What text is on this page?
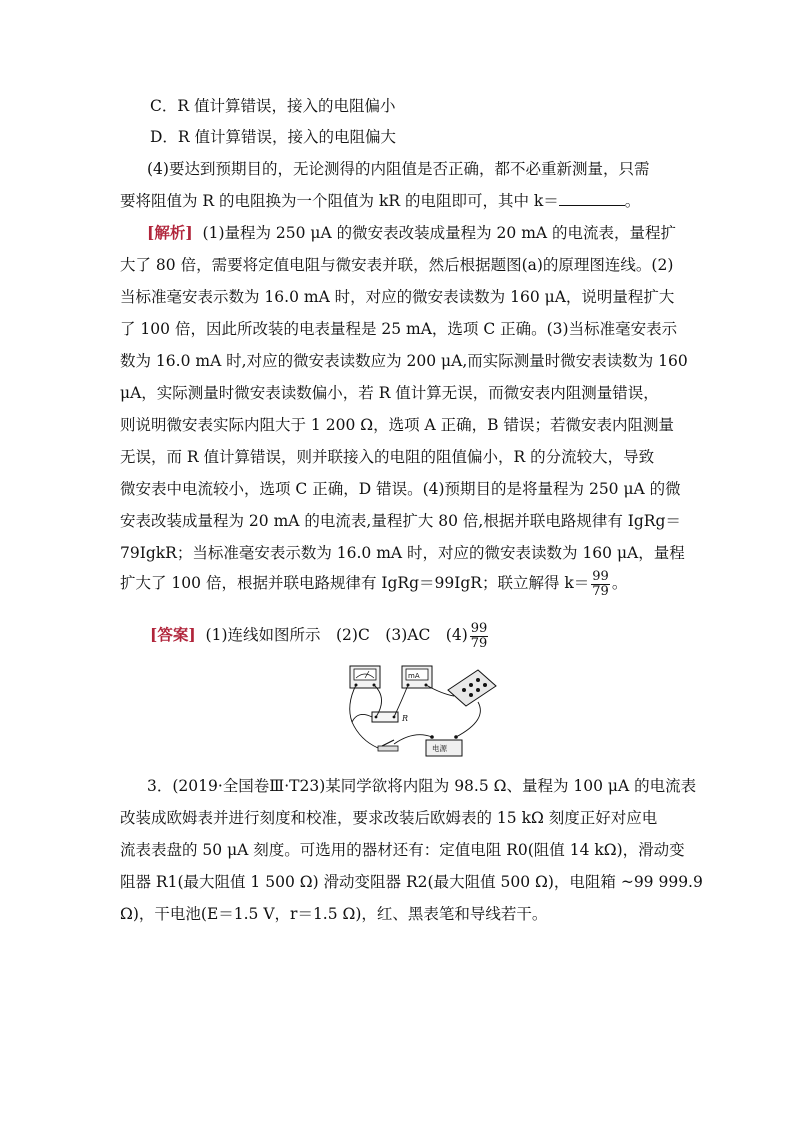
C．R 值计算错误，接入的电阻偏小
D．R 值计算错误，接入的电阻偏大
(4)要达到预期目的，无论测得的内阻值是否正确，都不必重新测量，只需
要将阻值为 R 的电阻换为一个阻值为 kR 的电阻即可，其中 k＝	。
[解析] (1)量程为 250 μA 的微安表改装成量程为 20 mA 的电流表，量程扩
大了 80 倍，需要将定值电阻与微安表并联，然后根据题图(a)的原理图连线。(2)
当标准毫安表示数为 16.0 mA 时，对应的微安表读数为 160 μA，说明量程扩大
了 100 倍，因此所改装的电表量程是 25 mA，选项 C 正确。(3)当标准毫安表示
数为 16.0 mA 时,对应的微安表读数应为 200 μA,而实际测量时微安表读数为 160
μA，实际测量时微安表读数偏小，若 R 值计算无误，而微安表内阻测量错误，
则说明微安表实际内阻大于 1 200 Ω，选项 A 正确，B 错误；若微安表内阻测量
无误，而 R 值计算错误，则并联接入的电阻的阻值偏小，R 的分流较大，导致
微安表中电流较小，选项 C 正确，D 错误。(4)预期目的是将量程为 250 μA 的微
安表改装成量程为 20 mA 的电流表,量程扩大 80 倍,根据并联电路规律有 IgRg＝
79IgkR；当标准毫安表示数为 16.0 mA 时，对应的微安表读数为 160 μA，量程
扩大了 100 倍，根据并联电路规律有 IgRg＝99IgR；联立解得 $k= \frac{99}{79}$ 。
[答案] (1)连线如图所示　(2)C　(3)AC　$(4) \frac{99}{79}$
mA
R
电源
3．(2019·全国卷Ⅲ·T23)某同学欲将内阻为 98.5 Ω、量程为 100 μA 的电流表
改装成欧姆表并进行刻度和校准，要求改装后欧姆表的 15 kΩ 刻度正好对应电
流表表盘的 50 μA 刻度。可选用的器材还有：定值电阻 R0(阻值 14 kΩ)，滑动变
阻器 R1(最大阻值 1 500 Ω) 滑动变阻器 R2(最大阻值 500 Ω)，电阻箱 ~99 999.9
Ω)，干电池(E＝1.5 V，r＝1.5 Ω)，红、黑表笔和导线若干。
